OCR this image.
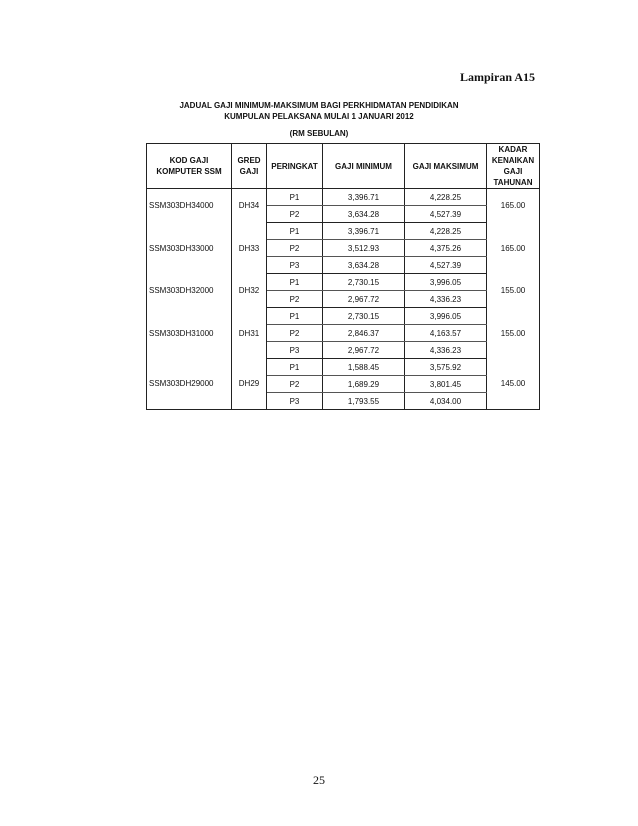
Lampiran A15
JADUAL GAJI MINIMUM-MAKSIMUM BAGI PERKHIDMATAN PENDIDIKAN
KUMPULAN PELAKSANA MULAI 1 JANUARI 2012
(RM SEBULAN)
KOD GAJI KOMPUTER SSM	GRED GAJI	PERINGKAT	GAJI MINIMUM	GAJI MAKSIMUM	KADAR KENAIKAN GAJI TAHUNAN
SSM303DH34000	DH34	P1	3,396.71	4,228.25	165.00
		P2	3,634.28	4,527.39	
SSM303DH33000	DH33	P1	3,396.71	4,228.25	165.00
		P2	3,512.93	4,375.26	
		P3	3,634.28	4,527.39	
SSM303DH32000	DH32	P1	2,730.15	3,996.05	155.00
		P2	2,967.72	4,336.23	
SSM303DH31000	DH31	P1	2,730.15	3,996.05	155.00
		P2	2,846.37	4,163.57	
		P3	2,967.72	4,336.23	
SSM303DH29000	DH29	P1	1,588.45	3,575.92	145.00
		P2	1,689.29	3,801.45	
		P3	1,793.55	4,034.00	
25
